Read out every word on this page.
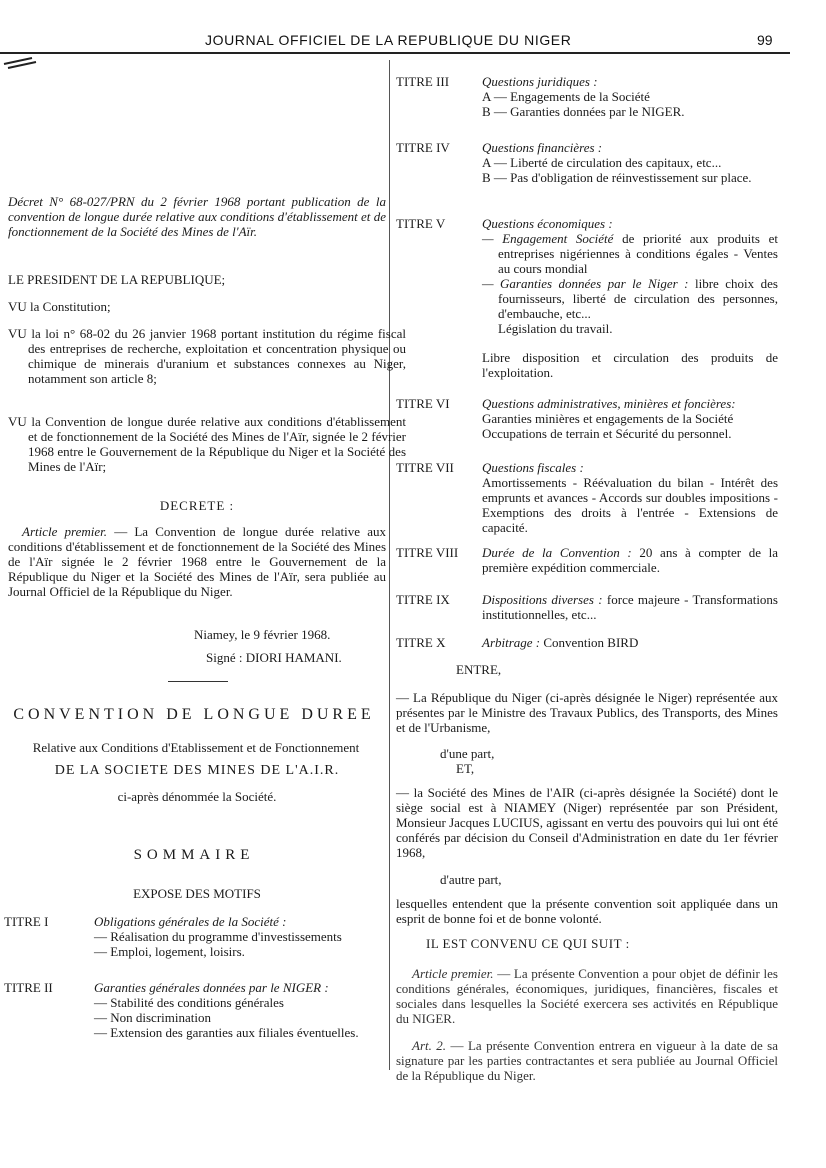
JOURNAL OFFICIEL DE LA REPUBLIQUE DU NIGER	99

Décret N° 68-027/PRN du 2 février 1968 portant publication de la convention de longue durée relative aux conditions d'établissement et de fonctionnement de la Société des Mines de l'Aïr.

LE PRESIDENT DE LA REPUBLIQUE;

VU la Constitution;

VU la loi n° 68-02 du 26 janvier 1968 portant institution du régime fiscal des entreprises de recherche, exploitation et concentration physique ou chimique de minerais d'uranium et substances connexes au Niger, notamment son article 8;

VU la Convention de longue durée relative aux conditions d'établissement et de fonctionnement de la Société des Mines de l'Aïr, signée le 2 février 1968 entre le Gouvernement de la République du Niger et la Société des Mines de l'Aïr;

DECRETE :

Article premier. — La Convention de longue durée relative aux conditions d'établissement et de fonctionnement de la Société des Mines de l'Aïr signée le 2 février 1968 entre le Gouvernement de la République du Niger et la Société des Mines de l'Aïr, sera publiée au Journal Officiel de la République du Niger.

Niamey, le 9 février 1968.

Signé : DIORI HAMANI.

CONVENTION DE LONGUE DUREE

Relative aux Conditions d'Etablissement et de Fonctionnement

DE LA SOCIETE DES MINES DE L'A.I.R.

ci-après dénommée la Société.

SOMMAIRE

EXPOSE DES MOTIFS

TITRE I	Obligations générales de la Société :

— Réalisation du programme d'investissements

— Emploi, logement, loisirs.

TITRE II	Garanties générales données par le NIGER :

— Stabilité des conditions générales

— Non discrimination

— Extension des garanties aux filiales éventuelles.

TITRE III	Questions juridiques :

A — Engagements de la Société

B — Garanties données par le NIGER.

TITRE IV	Questions financières :

A — Liberté de circulation des capitaux, etc...

B — Pas d'obligation de réinvestissement sur place.

TITRE V	Questions économiques :

— Engagement Société de priorité aux produits et entreprises nigériennes à conditions égales - Ventes au cours mondial

— Garanties données par le Niger : libre choix des fournisseurs, liberté de circulation des personnes, d'embauche, etc...

Législation du travail.

Libre disposition et circulation des produits de l'exploitation.

TITRE VI	Questions administratives, minières et foncières:

Garanties minières et engagements de la Société

Occupations de terrain et Sécurité du personnel.

TITRE VII	Questions fiscales :

Amortissements - Réévaluation du bilan - Intérêt des emprunts et avances - Accords sur doubles impositions - Exemptions des droits à l'entrée - Extensions de capacité.

TITRE VIII	Durée de la Convention : 20 ans à compter de la première expédition commerciale.

TITRE IX	Dispositions diverses : force majeure - Transformations institutionnelles, etc...

TITRE X	Arbitrage : Convention BIRD

ENTRE,

— La République du Niger (ci-après désignée le Niger) représentée aux présentes par le Ministre des Travaux Publics, des Transports, des Mines et de l'Urbanisme,

d'une part,

ET,

— la Société des Mines de l'AIR (ci-après désignée la Société) dont le siège social est à NIAMEY (Niger) représentée par son Président, Monsieur Jacques LUCIUS, agissant en vertu des pouvoirs qui lui ont été conférés par décision du Conseil d'Administration en date du 1er février 1968,

d'autre part,

lesquelles entendent que la présente convention soit appliquée dans un esprit de bonne foi et de bonne volonté.

IL EST CONVENU CE QUI SUIT :

Article premier. — La présente Convention a pour objet de définir les conditions générales, économiques, juridiques, financières, fiscales et sociales dans lesquelles la Société exercera ses activités en République du NIGER.

Art. 2. — La présente Convention entrera en vigueur à la date de sa signature par les parties contractantes et sera publiée au Journal Officiel de la République du Niger.
